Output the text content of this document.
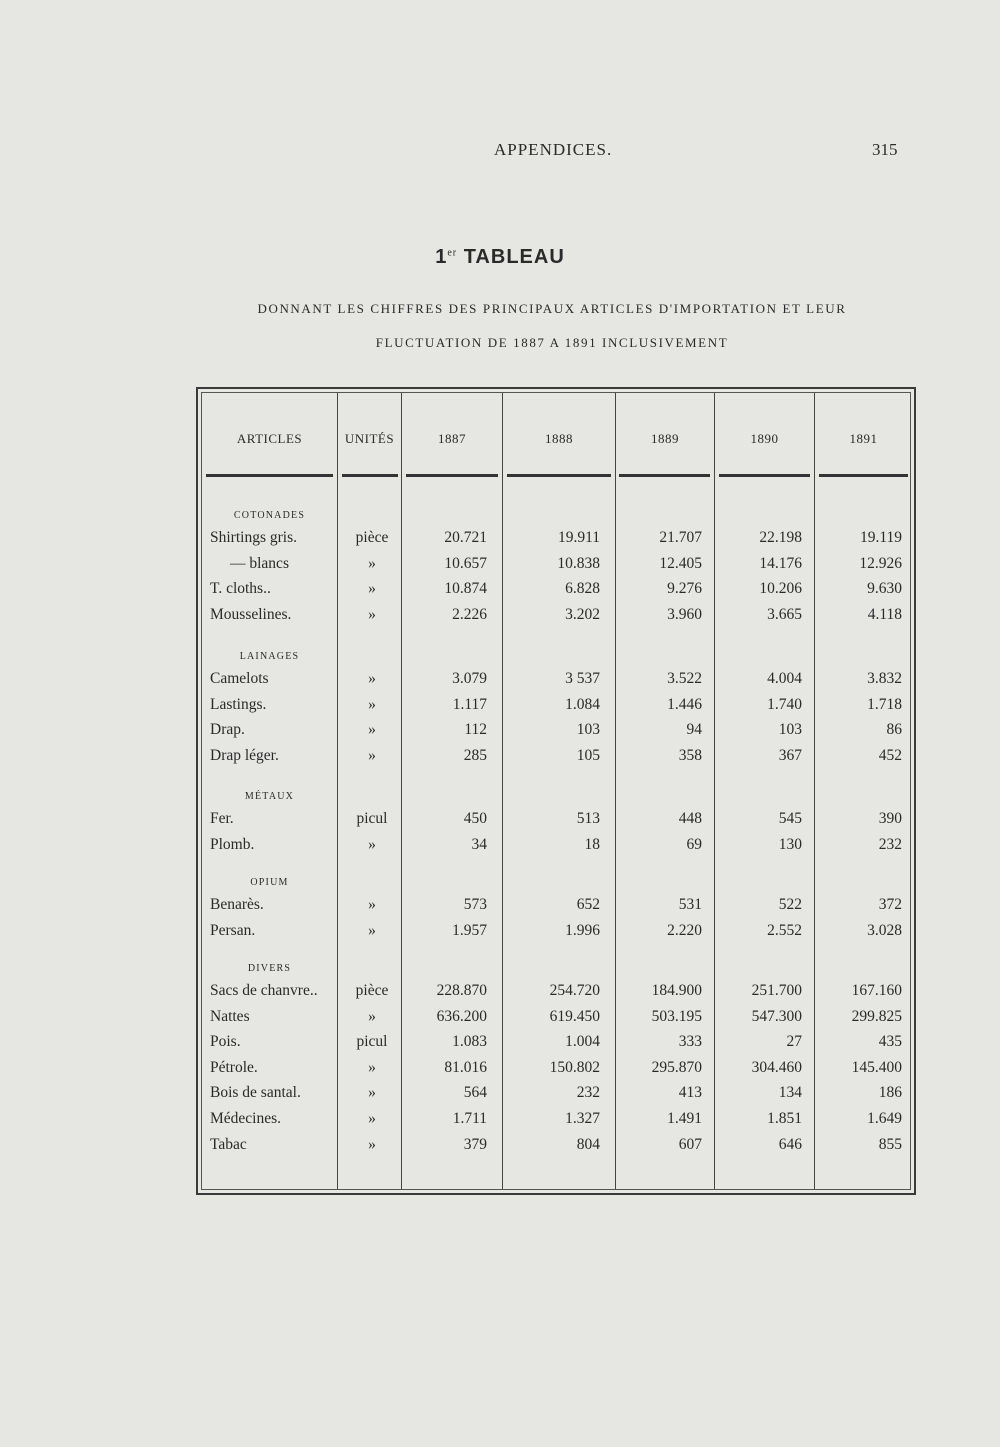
APPENDICES.	315
1er TABLEAU
DONNANT LES CHIFFRES DES PRINCIPAUX ARTICLES D'IMPORTATION ET LEUR
FLUCTUATION DE 1887 A 1891 INCLUSIVEMENT
ARTICLES	UNITÉS	1887	1888	1889	1890	1891
COTONADES
Shirtings gris.	pièce	20.721	19.911	21.707	22.198	19.119
— blancs	»	10.657	10.838	12.405	14.176	12.926
T. cloths..	»	10.874	6.828	9.276	10.206	9.630
Mousselines.	»	2.226	3.202	3.960	3.665	4.118
LAINAGES
Camelots	»	3.079	3 537	3.522	4.004	3.832
Lastings.	»	1.117	1.084	1.446	1.740	1.718
Drap.	»	112	103	94	103	86
Drap léger.	»	285	105	358	367	452
MÉTAUX
Fer.	picul	450	513	448	545	390
Plomb.	»	34	18	69	130	232
OPIUM
Benarès.	»	573	652	531	522	372
Persan.	»	1.957	1.996	2.220	2.552	3.028
DIVERS
Sacs de chanvre..	pièce	228.870	254.720	184.900	251.700	167.160
Nattes	»	636.200	619.450	503.195	547.300	299.825
Pois.	picul	1.083	1.004	333	27	435
Pétrole.	»	81.016	150.802	295.870	304.460	145.400
Bois de santal.	»	564	232	413	134	186
Médecines.	»	1.711	1.327	1.491	1.851	1.649
Tabac	»	379	804	607	646	855
